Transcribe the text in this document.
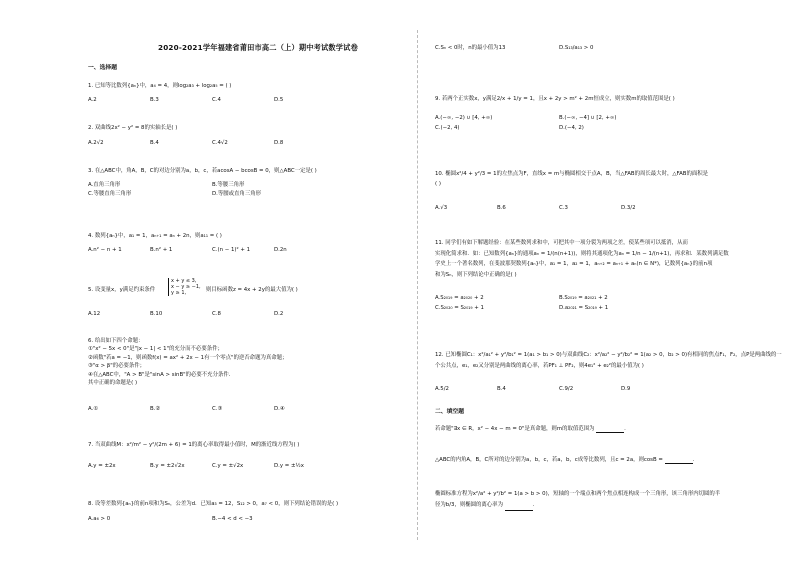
2020-2021学年福建省莆田市高二（上）期中考试数学试卷
一、选择题
1. 已知等比数列{aₙ}中，a₄ = 4，则log₂a₃ + log₂a₅ = ( )
A.2	B.3	C.4	D.5
2. 双曲线2x² − y² = 8的实轴长是( )
A.2√2	B.4	C.4√2	D.8
3. 在△ABC中，角A，B，C的对边分别为a，b，c，若acosA − bcosB = 0，则△ABC一定是( )
A.直角三角形	B.等腰三角形
C.等腰直角三角形	D.等腰或直角三角形
4. 数列{aₙ}中，a₁ = 1，aₙ₊₁ = aₙ + 2n，则a₁₁ = ( )
A.n² − n + 1	B.n² + 1	C.(n − 1)² + 1	D.2n
5. 设变量x，y满足约束条件
x + y ≤ 3,
x − y ≥ −1,
y ≥ 1,	则目标函数z = 4x + 2y的最大值为( )
A.12	B.10	C.8	D.2
6. 给出如下四个命题：
①"x² − 5x < 0"是"|x − 1| < 1"的充分而不必要条件；
②函数"若a = −1，则函数f(x) = ax² + 2x − 1有一个零点"的逆否命题为真命题；
③"α > β"的必要条件；
④在△ABC中，"A > B"是"sinA > sinB"的必要不充分条件．
其中正确的命题是( )
A.①	B.②	C.③	D.④
7. 当双曲线M：x²/m² − y²/(2m + 6) = 1的离心率取得最小值时，M的渐近线方程为( )
A.y = ±2x	B.y = ±2√2x	C.y = ±√2x	D.y = ±½x
8. 设等差数列{aₙ}的前n项和为Sₙ，公差为d．已知a₃ = 12，S₁₂ > 0，a₇ < 0，则下列结论错误的是( )
A.a₆ > 0	B.−4 < d < −3
C.Sₙ < 0时，n的最小值为13	D.S₁₃/a₁₃ > 0
9. 若两个正实数x，y满足2/x + 1/y = 1，且x + 2y > m² + 2m恒成立，则实数m的取值范围是( )
A.(−∞, −2) ∪ [4, +∞)	B.(−∞, −4] ∪ [2, +∞)
C.(−2, 4)	D.(−4, 2)
10. 椭圆x²/4 + y²/3 = 1的左焦点为F，直线x = m与椭圆相交于点A，B，当△FAB的周长最大时，△FAB的面积是
( )
A.√3	B.6	C.3	D.3/2
11. 同学们有如下解题经验：在某些数列求和中，可把其中一项分裂为两项之差，使某些项可以抵消，从而
实现化简求和．如：已知数列{aₙ}的通项aₙ = 1/(n(n+1))，则将其通项化为aₙ = 1/n − 1/(n+1)，再求和．某数列满足数
学史上一个著名数列，在斐波那契数列{aₙ}中，a₁ = 1，a₂ = 1，aₙ₊₂ = aₙ₊₁ + aₙ(n ∈ N*)，记数列{aₙ}的前n项
和为Sₙ，则下列结论中正确的是( )
A.S₂₀₁₉ = a₂₀₂₀ + 2	B.S₂₀₁₉ = a₂₀₂₁ + 2
C.S₂₀₂₀ = S₂₀₁₉ + 1	D.a₂₀₂₁ = S₂₀₁₉ + 1
12. 已知椭圆C₁：x²/a₁² + y²/b₁² = 1(a₁ > b₁ > 0)与双曲线C₂：x²/a₂² − y²/b₂² = 1(a₂ > 0，b₂ > 0)有相同的焦点F₁，F₂，点P是两曲线的一
个公共点，e₁，e₂又分别是两曲线的离心率，若PF₁ ⊥ PF₂，则4e₁² + e₂²的最小值为( )
A.5/2	B.4	C.9/2	D.9
二、填空题
若命题"∃x ∈ R，x² − 4x − m = 0"是真命题，则m的取值范围为	.
△ABC的内角A，B，C所对的边分别为a，b，c，若a，b，c成等比数列，且c = 2a，则cosB =	.
椭圆标准方程为x²/a² + y²/b² = 1(a > b > 0)，短轴的一个端点和两个焦点相连构成一个三角形，该三角形内切圆的半
径为b/3，则椭圆的离心率为	.
